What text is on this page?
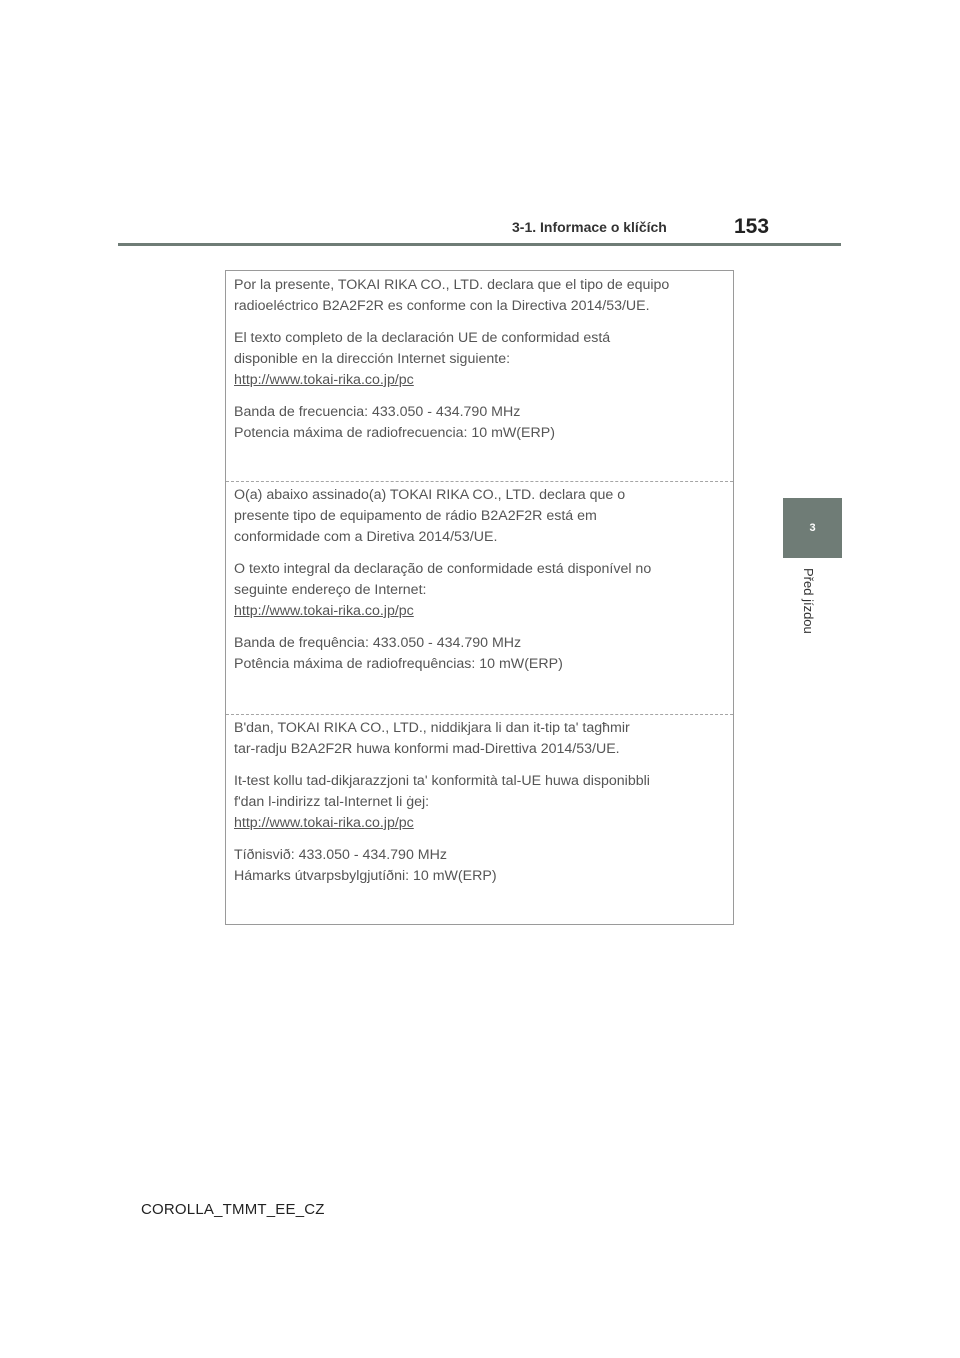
3-1. Informace o klíčích	153
3
Před jízdou

Por la presente, TOKAI RIKA CO., LTD. declara que el tipo de equipo
radioeléctrico B2A2F2R es conforme con la Directiva 2014/53/UE.

El texto completo de la declaración UE de conformidad está
disponible en la dirección Internet siguiente:
http://www.tokai-rika.co.jp/pc

Banda de frecuencia: 433.050 - 434.790 MHz
Potencia máxima de radiofrecuencia: 10 mW(ERP)

O(a) abaixo assinado(a) TOKAI RIKA CO., LTD. declara que o
presente tipo de equipamento de rádio B2A2F2R está em
conformidade com a Diretiva 2014/53/UE.

O texto integral da declaração de conformidade está disponível no
seguinte endereço de Internet:
http://www.tokai-rika.co.jp/pc

Banda de frequência: 433.050 - 434.790 MHz
Potência máxima de radiofrequências: 10 mW(ERP)

B'dan, TOKAI RIKA CO., LTD., niddikjara li dan it-tip ta' tagħmir
tar-radju B2A2F2R huwa konformi mad-Direttiva 2014/53/UE.

It-test kollu tad-dikjarazzjoni ta' konformità tal-UE huwa disponibbli
f'dan l-indirizz tal-Internet li ġej:
http://www.tokai-rika.co.jp/pc

Tíðnisvið: 433.050 - 434.790 MHz
Hámarks útvarpsbylgjutíðni: 10 mW(ERP)

COROLLA_TMMT_EE_CZ
